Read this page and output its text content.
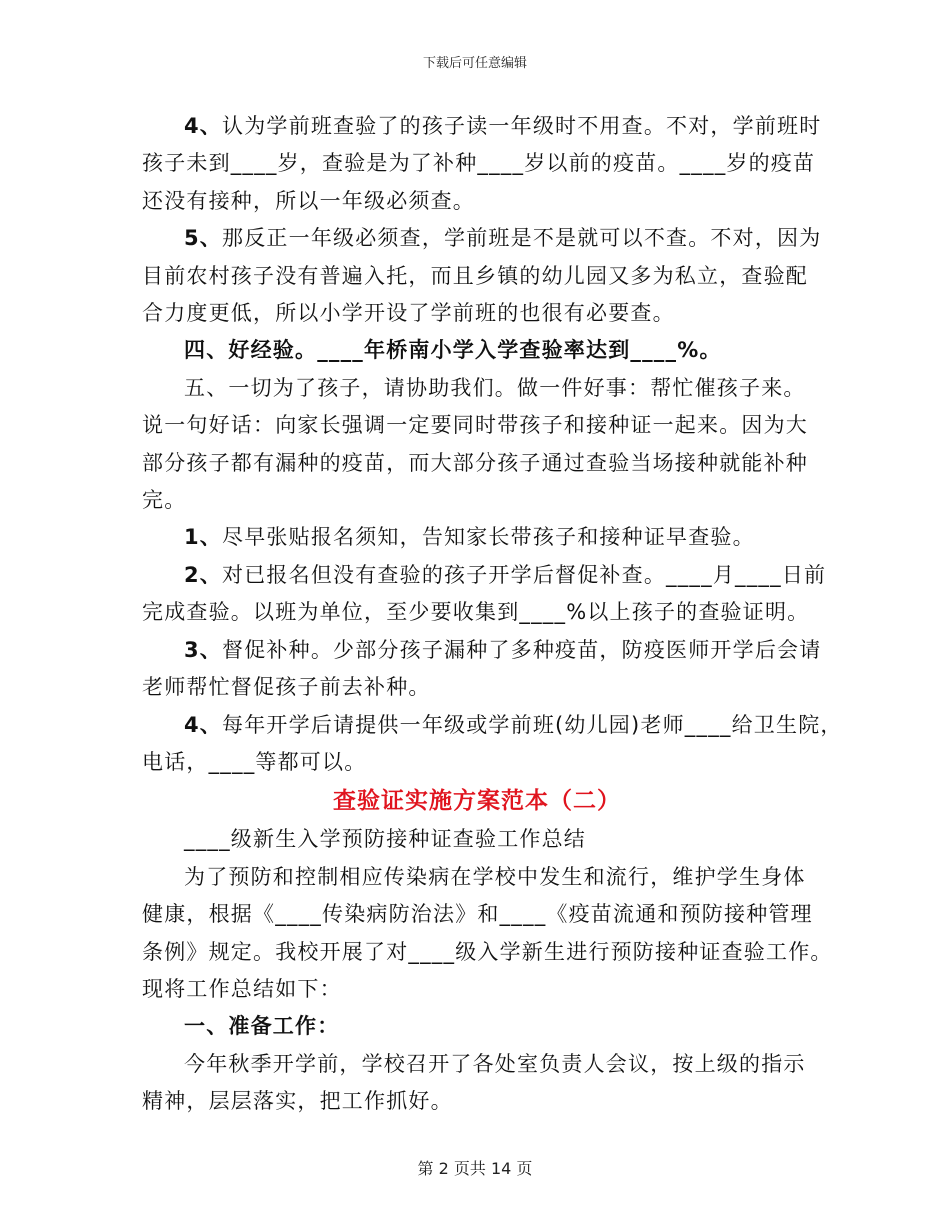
下载后可任意编辑
4、认为学前班查验了的孩子读一年级时不用查。不对，学前班时
孩子未到____岁，查验是为了补种____岁以前的疫苗。____岁的疫苗
还没有接种，所以一年级必须查。
5、那反正一年级必须查，学前班是不是就可以不查。不对，因为
目前农村孩子没有普遍入托，而且乡镇的幼儿园又多为私立，查验配
合力度更低，所以小学开设了学前班的也很有必要查。
四、好经验。____年桥南小学入学查验率达到____%。
五、一切为了孩子，请协助我们。做一件好事：帮忙催孩子来。
说一句好话：向家长强调一定要同时带孩子和接种证一起来。因为大
部分孩子都有漏种的疫苗，而大部分孩子通过查验当场接种就能补种
完。
1、尽早张贴报名须知，告知家长带孩子和接种证早查验。
2、对已报名但没有查验的孩子开学后督促补查。____月____日前
完成查验。以班为单位，至少要收集到____%以上孩子的查验证明。
3、督促补种。少部分孩子漏种了多种疫苗，防疫医师开学后会请
老师帮忙督促孩子前去补种。
4、每年开学后请提供一年级或学前班(幼儿园)老师____给卫生院，
电话，____等都可以。
查验证实施方案范本（二）
____级新生入学预防接种证查验工作总结
为了预防和控制相应传染病在学校中发生和流行，维护学生身体
健康，根据《____传染病防治法》和____《疫苗流通和预防接种管理
条例》规定。我校开展了对____级入学新生进行预防接种证查验工作。
现将工作总结如下：
一、准备工作：
今年秋季开学前，学校召开了各处室负责人会议，按上级的指示
精神，层层落实，把工作抓好。
第 2 页共 14 页
